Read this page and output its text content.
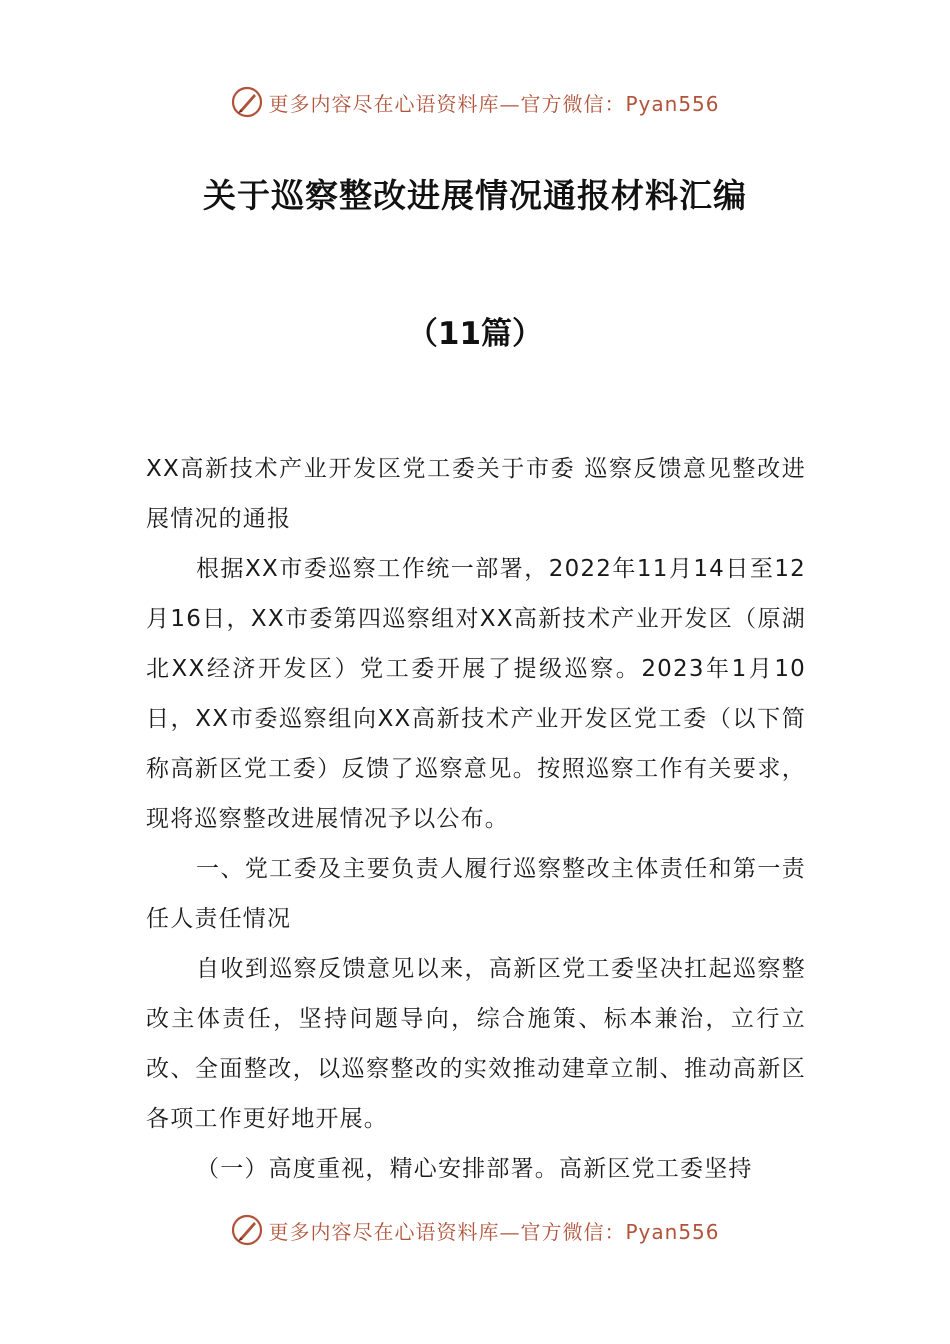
更多内容尽在心语资料库—官方微信：Pyan556
关于巡察整改进展情况通报材料汇编
（11篇）

XX高新技术产业开发区党工委关于市委 巡察反馈意见整改进展情况的通报

根据XX市委巡察工作统一部署，2022年11月14日至12月16日，XX市委第四巡察组对XX高新技术产业开发区（原湖北XX经济开发区）党工委开展了提级巡察。2023年1月10日，XX市委巡察组向XX高新技术产业开发区党工委（以下简称高新区党工委）反馈了巡察意见。按照巡察工作有关要求，现将巡察整改进展情况予以公布。

一、党工委及主要负责人履行巡察整改主体责任和第一责任人责任情况

自收到巡察反馈意见以来，高新区党工委坚决扛起巡察整改主体责任，坚持问题导向，综合施策、标本兼治，立行立改、全面整改，以巡察整改的实效推动建章立制、推动高新区各项工作更好地开展。

（一）高度重视，精心安排部署。高新区党工委坚持

更多内容尽在心语资料库—官方微信：Pyan556
